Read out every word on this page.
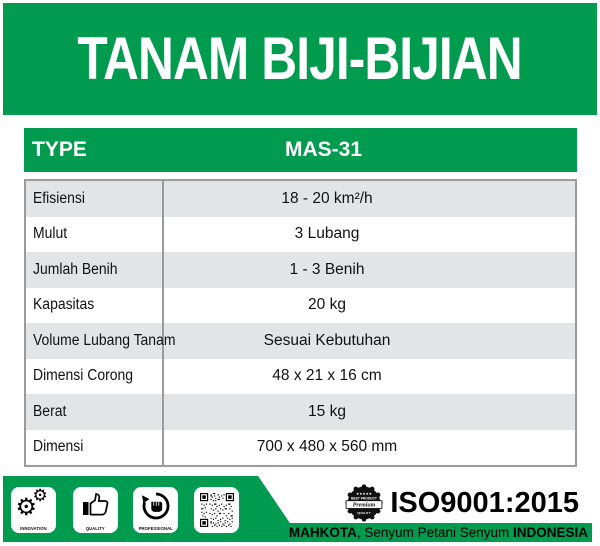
TANAM BIJI-BIJIAN
TYPE	MAS-31
Efisiensi	18 - 20 km²/h
Mulut	3 Lubang
Jumlah Benih	1 - 3 Benih
Kapasitas	20 kg
Volume Lubang Tanam	Sesuai Kebutuhan
Dimensi Corong	48 x 21 x 16 cm
Berat	15 kg
Dimensi	700 x 480 x 560 mm
⚙
⚙
INNOVATION	QUALITY	PROFESSIONAL
★★★★★
BEST PRODUCT
Premium
QUALITY ISO9001:2015
MAHKOTA, Senyum Petani Senyum INDONESIA
